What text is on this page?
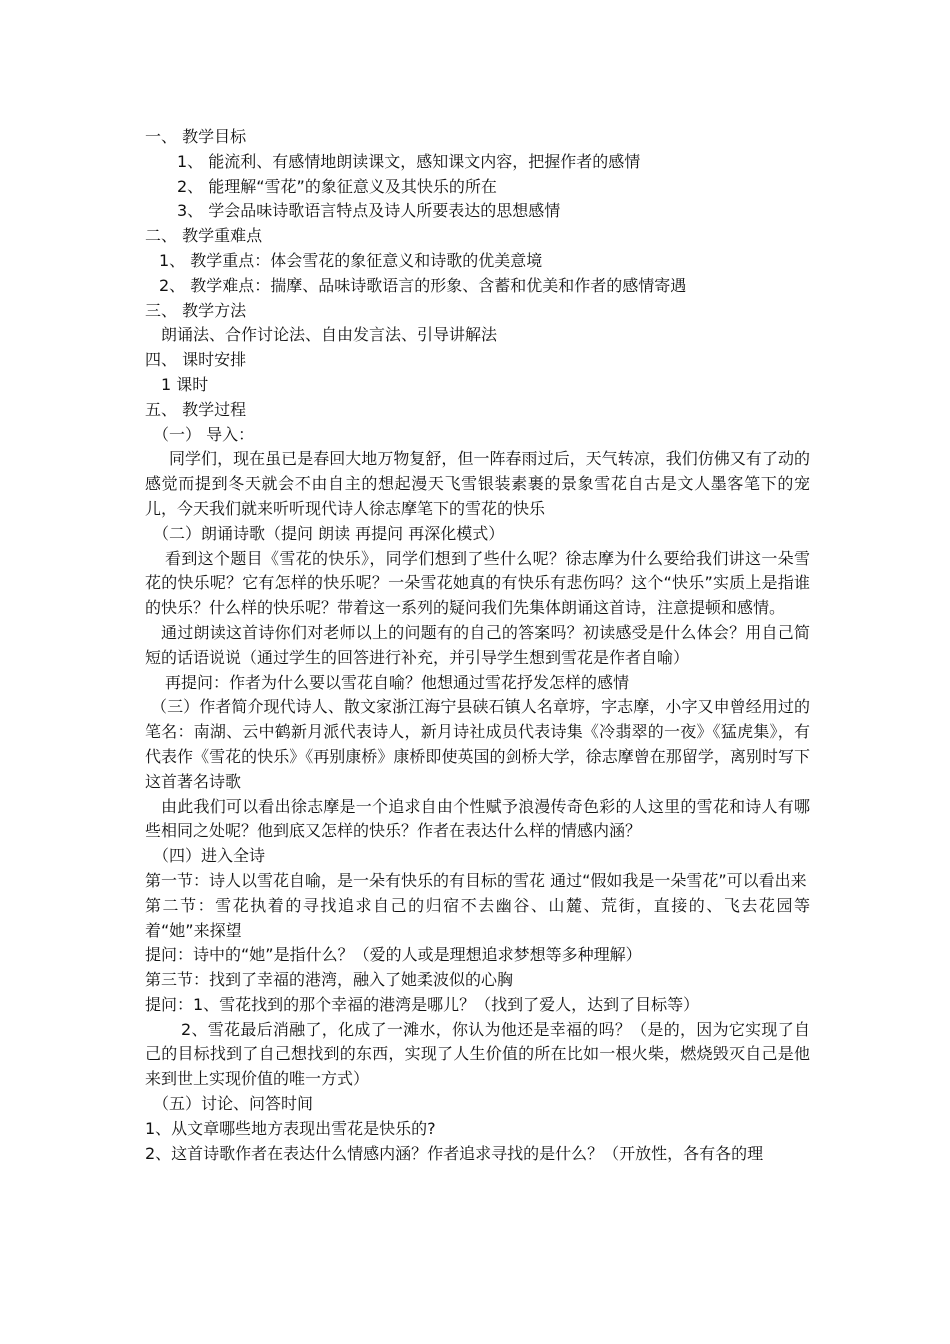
一、 教学目标

1、 能流利、有感情地朗读课文，感知课文内容，把握作者的感情

2、 能理解“雪花”的象征意义及其快乐的所在

3、 学会品味诗歌语言特点及诗人所要表达的思想感情

二、 教学重难点

1、 教学重点：体会雪花的象征意义和诗歌的优美意境

2、 教学难点：揣摩、品味诗歌语言的形象、含蓄和优美和作者的感情寄遇

三、 教学方法

朗诵法、合作讨论法、自由发言法、引导讲解法

四、 课时安排

1 课时

五、 教学过程

（一） 导入：

同学们，现在虽已是春回大地万物复舒，但一阵春雨过后，天气转凉，我们仿佛又有了动的感觉而提到冬天就会不由自主的想起漫天飞雪银装素裹的景象雪花自古是文人墨客笔下的宠儿，今天我们就来听听现代诗人徐志摩笔下的雪花的快乐

（二）朗诵诗歌（提问 朗读 再提问 再深化模式）

看到这个题目《雪花的快乐》，同学们想到了些什么呢？徐志摩为什么要给我们讲这一朵雪花的快乐呢？它有怎样的快乐呢？一朵雪花她真的有快乐有悲伤吗？这个“快乐”实质上是指谁的快乐？什么样的快乐呢？带着这一系列的疑问我们先集体朗诵这首诗，注意提顿和感情。

通过朗读这首诗你们对老师以上的问题有的自己的答案吗？初读感受是什么体会？用自己简短的话语说说（通过学生的回答进行补充，并引导学生想到雪花是作者自喻）

再提问：作者为什么要以雪花自喻？他想通过雪花抒发怎样的感情

（三）作者简介现代诗人、散文家浙江海宁县硖石镇人名章垿，字志摩，小字又申曾经用过的笔名：南湖、云中鹤新月派代表诗人，新月诗社成员代表诗集《冷翡翠的一夜》《猛虎集》，有代表作《雪花的快乐》《再别康桥》康桥即使英国的剑桥大学，徐志摩曾在那留学，离别时写下这首著名诗歌

由此我们可以看出徐志摩是一个追求自由个性赋予浪漫传奇色彩的人这里的雪花和诗人有哪些相同之处呢？他到底又怎样的快乐？作者在表达什么样的情感内涵？

（四）进入全诗

第一节：诗人以雪花自喻，是一朵有快乐的有目标的雪花 通过“假如我是一朵雪花”可以看出来

第二节：雪花执着的寻找追求自己的归宿不去幽谷、山麓、荒街，直接的、飞去花园等着“她”来探望

提问：诗中的“她”是指什么？（爱的人或是理想追求梦想等多种理解）

第三节：找到了幸福的港湾，融入了她柔波似的心胸

提问：1、雪花找到的那个幸福的港湾是哪儿？（找到了爱人，达到了目标等）

2、雪花最后消融了，化成了一滩水，你认为他还是幸福的吗？（是的，因为它实现了自己的目标找到了自己想找到的东西，实现了人生价值的所在比如一根火柴，燃烧毁灭自己是他来到世上实现价值的唯一方式）

（五）讨论、问答时间

1、从文章哪些地方表现出雪花是快乐的?

2、这首诗歌作者在表达什么情感内涵？作者追求寻找的是什么？（开放性，各有各的理
